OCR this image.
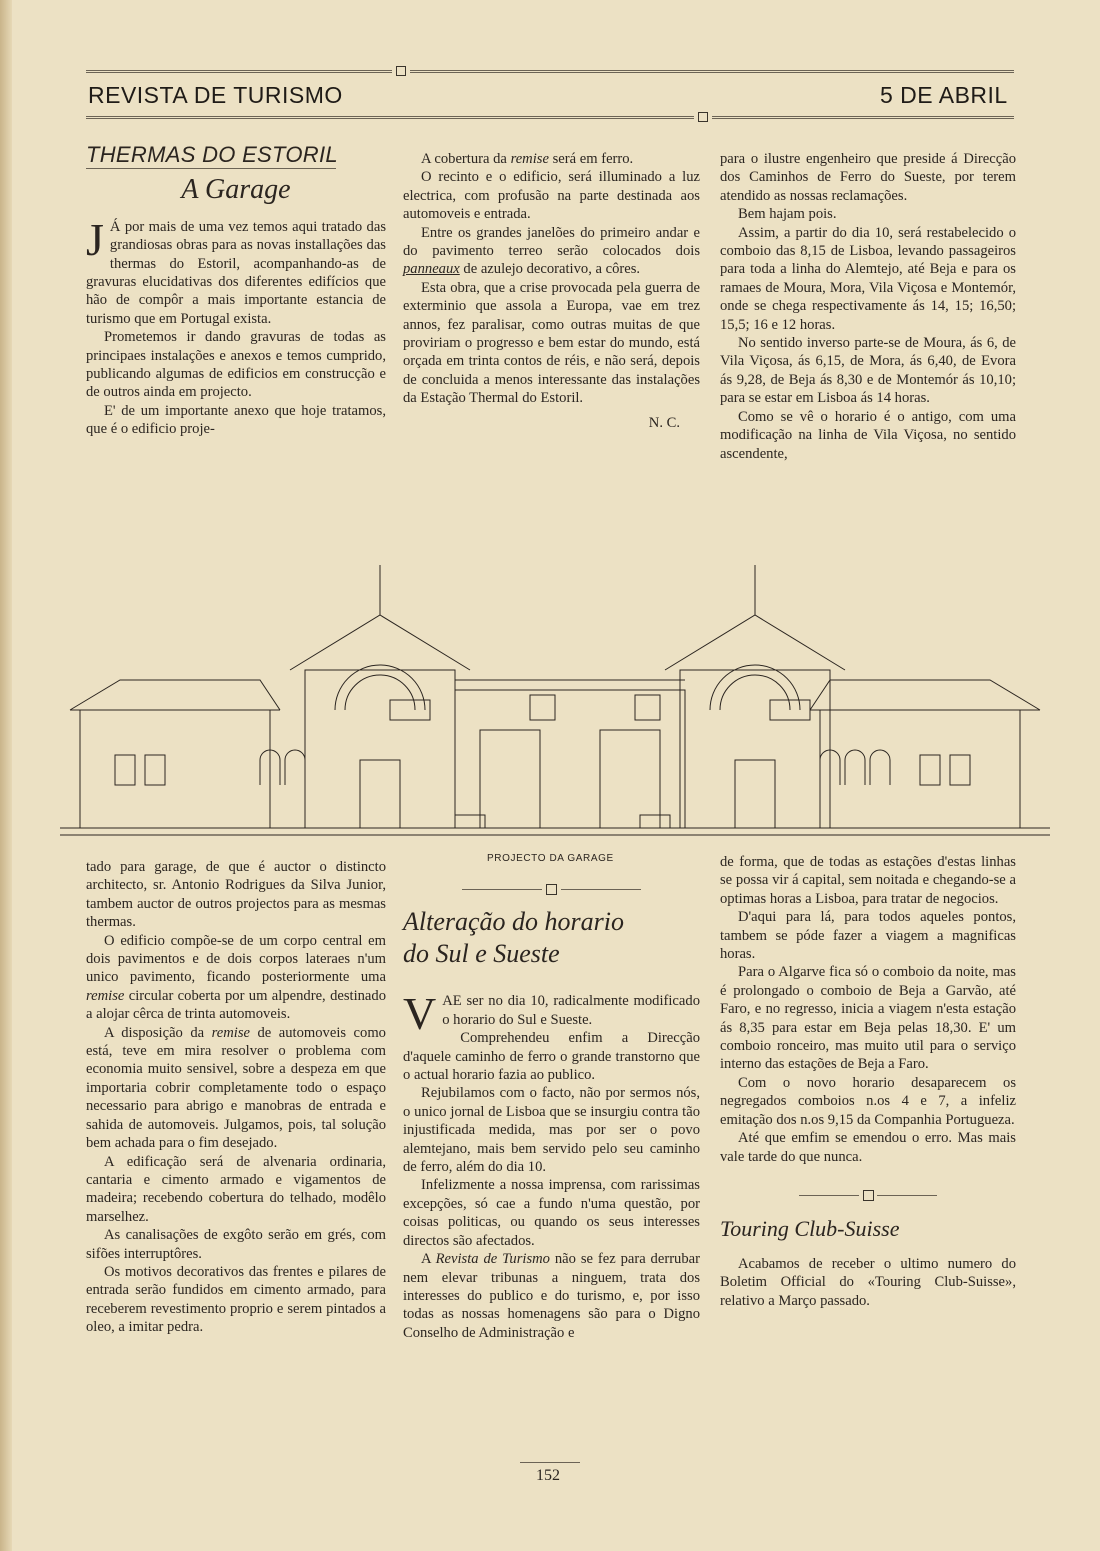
REVISTA DE TURISMO	5 DE ABRIL
THERMAS DO ESTORIL
A Garage

J Á por mais de uma vez temos aqui tratado das grandiosas obras para as novas installações das thermas do Estoril, acompanhando-as de gravuras elucidativas dos diferentes edifícios que hão de compôr a mais importante estancia de turismo que em Portugal exista.

Prometemos ir dando gravuras de todas as principaes instalações e anexos e temos cumprido, publicando algumas de edificios em construcção e de outros ainda em projecto.

E' de um importante anexo que hoje tratamos, que é o edificio proje-

A cobertura da remise será em ferro.

O recinto e o edificio, será illuminado a luz electrica, com profusão na parte destinada aos automoveis e entrada.

Entre os grandes janelões do primeiro andar e do pavimento terreo serão colocados dois panneaux de azulejo decorativo, a côres.

Esta obra, que a crise provocada pela guerra de exterminio que assola a Europa, vae em trez annos, fez paralisar, como outras muitas de que proviriam o progresso e bem estar do mundo, está orçada em trinta contos de réis, e não será, depois de concluida a menos interessante das instalações da Estação Thermal do Estoril.

N. C.

para o ilustre engenheiro que preside á Direcção dos Caminhos de Ferro do Sueste, por terem atendido as nossas reclamações.

Bem hajam pois.

Assim, a partir do dia 10, será restabelecido o comboio das 8,15 de Lisboa, levando passageiros para toda a linha do Alemtejo, até Beja e para os ramaes de Moura, Mora, Vila Viçosa e Montemór, onde se chega respectivamente ás 14, 15; 16,50; 15,5; 16 e 12 horas.

No sentido inverso parte-se de Moura, ás 6, de Vila Viçosa, ás 6,15, de Mora, ás 6,40, de Evora ás 9,28, de Beja ás 8,30 e de Montemór ás 10,10; para se estar em Lisboa ás 14 horas.

Como se vê o horario é o antigo, com uma modificação na linha de Vila Viçosa, no sentido ascendente,

PROJECTO DA GARAGE

tado para garage, de que é auctor o distincto architecto, sr. Antonio Rodrigues da Silva Junior, tambem auctor de outros projectos para as mesmas thermas.

O edificio compõe-se de um corpo central em dois pavimentos e de dois corpos lateraes n'um unico pavimento, ficando posteriormente uma remise circular coberta por um alpendre, destinado a alojar cêrca de trinta automoveis.

A disposição da remise de automoveis como está, teve em mira resolver o problema com economia muito sensivel, sobre a despeza em que importaria cobrir completamente todo o espaço necessario para abrigo e manobras de entrada e sahida de automoveis. Julgamos, pois, tal solução bem achada para o fim desejado.

A edificação será de alvenaria ordinaria, cantaria e cimento armado e vigamentos de madeira; recebendo cobertura do telhado, modêlo marselhez.

As canalisações de exgôto serão em grés, com sifões interruptôres.

Os motivos decorativos das frentes e pilares de entrada serão fundidos em cimento armado, para receberem revestimento proprio e serem pintados a oleo, a imitar pedra.

Alteração do horario
do Sul e Sueste

VAE ser no dia 10, radicalmente modificado o horario do Sul e Sueste.

Comprehendeu enfim a Direcção d'aquele caminho de ferro o grande transtorno que o actual horario fazia ao publico.

Rejubilamos com o facto, não por sermos nós, o unico jornal de Lisboa que se insurgiu contra tão injustificada medida, mas por ser o povo alemtejano, mais bem servido pelo seu caminho de ferro, além do dia 10.

Infelizmente a nossa imprensa, com rarissimas excepções, só cae a fundo n'uma questão, por coisas politicas, ou quando os seus interesses directos são afectados.

A Revista de Turismo não se fez para derrubar nem elevar tribunas a ninguem, trata dos interesses do publico e do turismo, e, por isso todas as nossas homenagens são para o Digno Conselho de Administração e

de forma, que de todas as estações d'estas linhas se possa vir á capital, sem noitada e chegando-se a optimas horas a Lisboa, para tratar de negocios.

D'aqui para lá, para todos aqueles pontos, tambem se póde fazer a viagem a magnificas horas.

Para o Algarve fica só o comboio da noite, mas é prolongado o comboio de Beja a Garvão, até Faro, e no regresso, inicia a viagem n'esta estação ás 8,35 para estar em Beja pelas 18,30. E' um comboio ronceiro, mas muito util para o serviço interno das estações de Beja a Faro.

Com o novo horario desaparecem os negregados comboios n.os 4 e 7, a infeliz emitação dos n.os 9,15 da Companhia Portugueza.

Até que emfim se emendou o erro. Mas mais vale tarde do que nunca.

Touring Club-Suisse

Acabamos de receber o ultimo numero do Boletim Official do «Touring Club-Suisse», relativo a Março passado.

152
